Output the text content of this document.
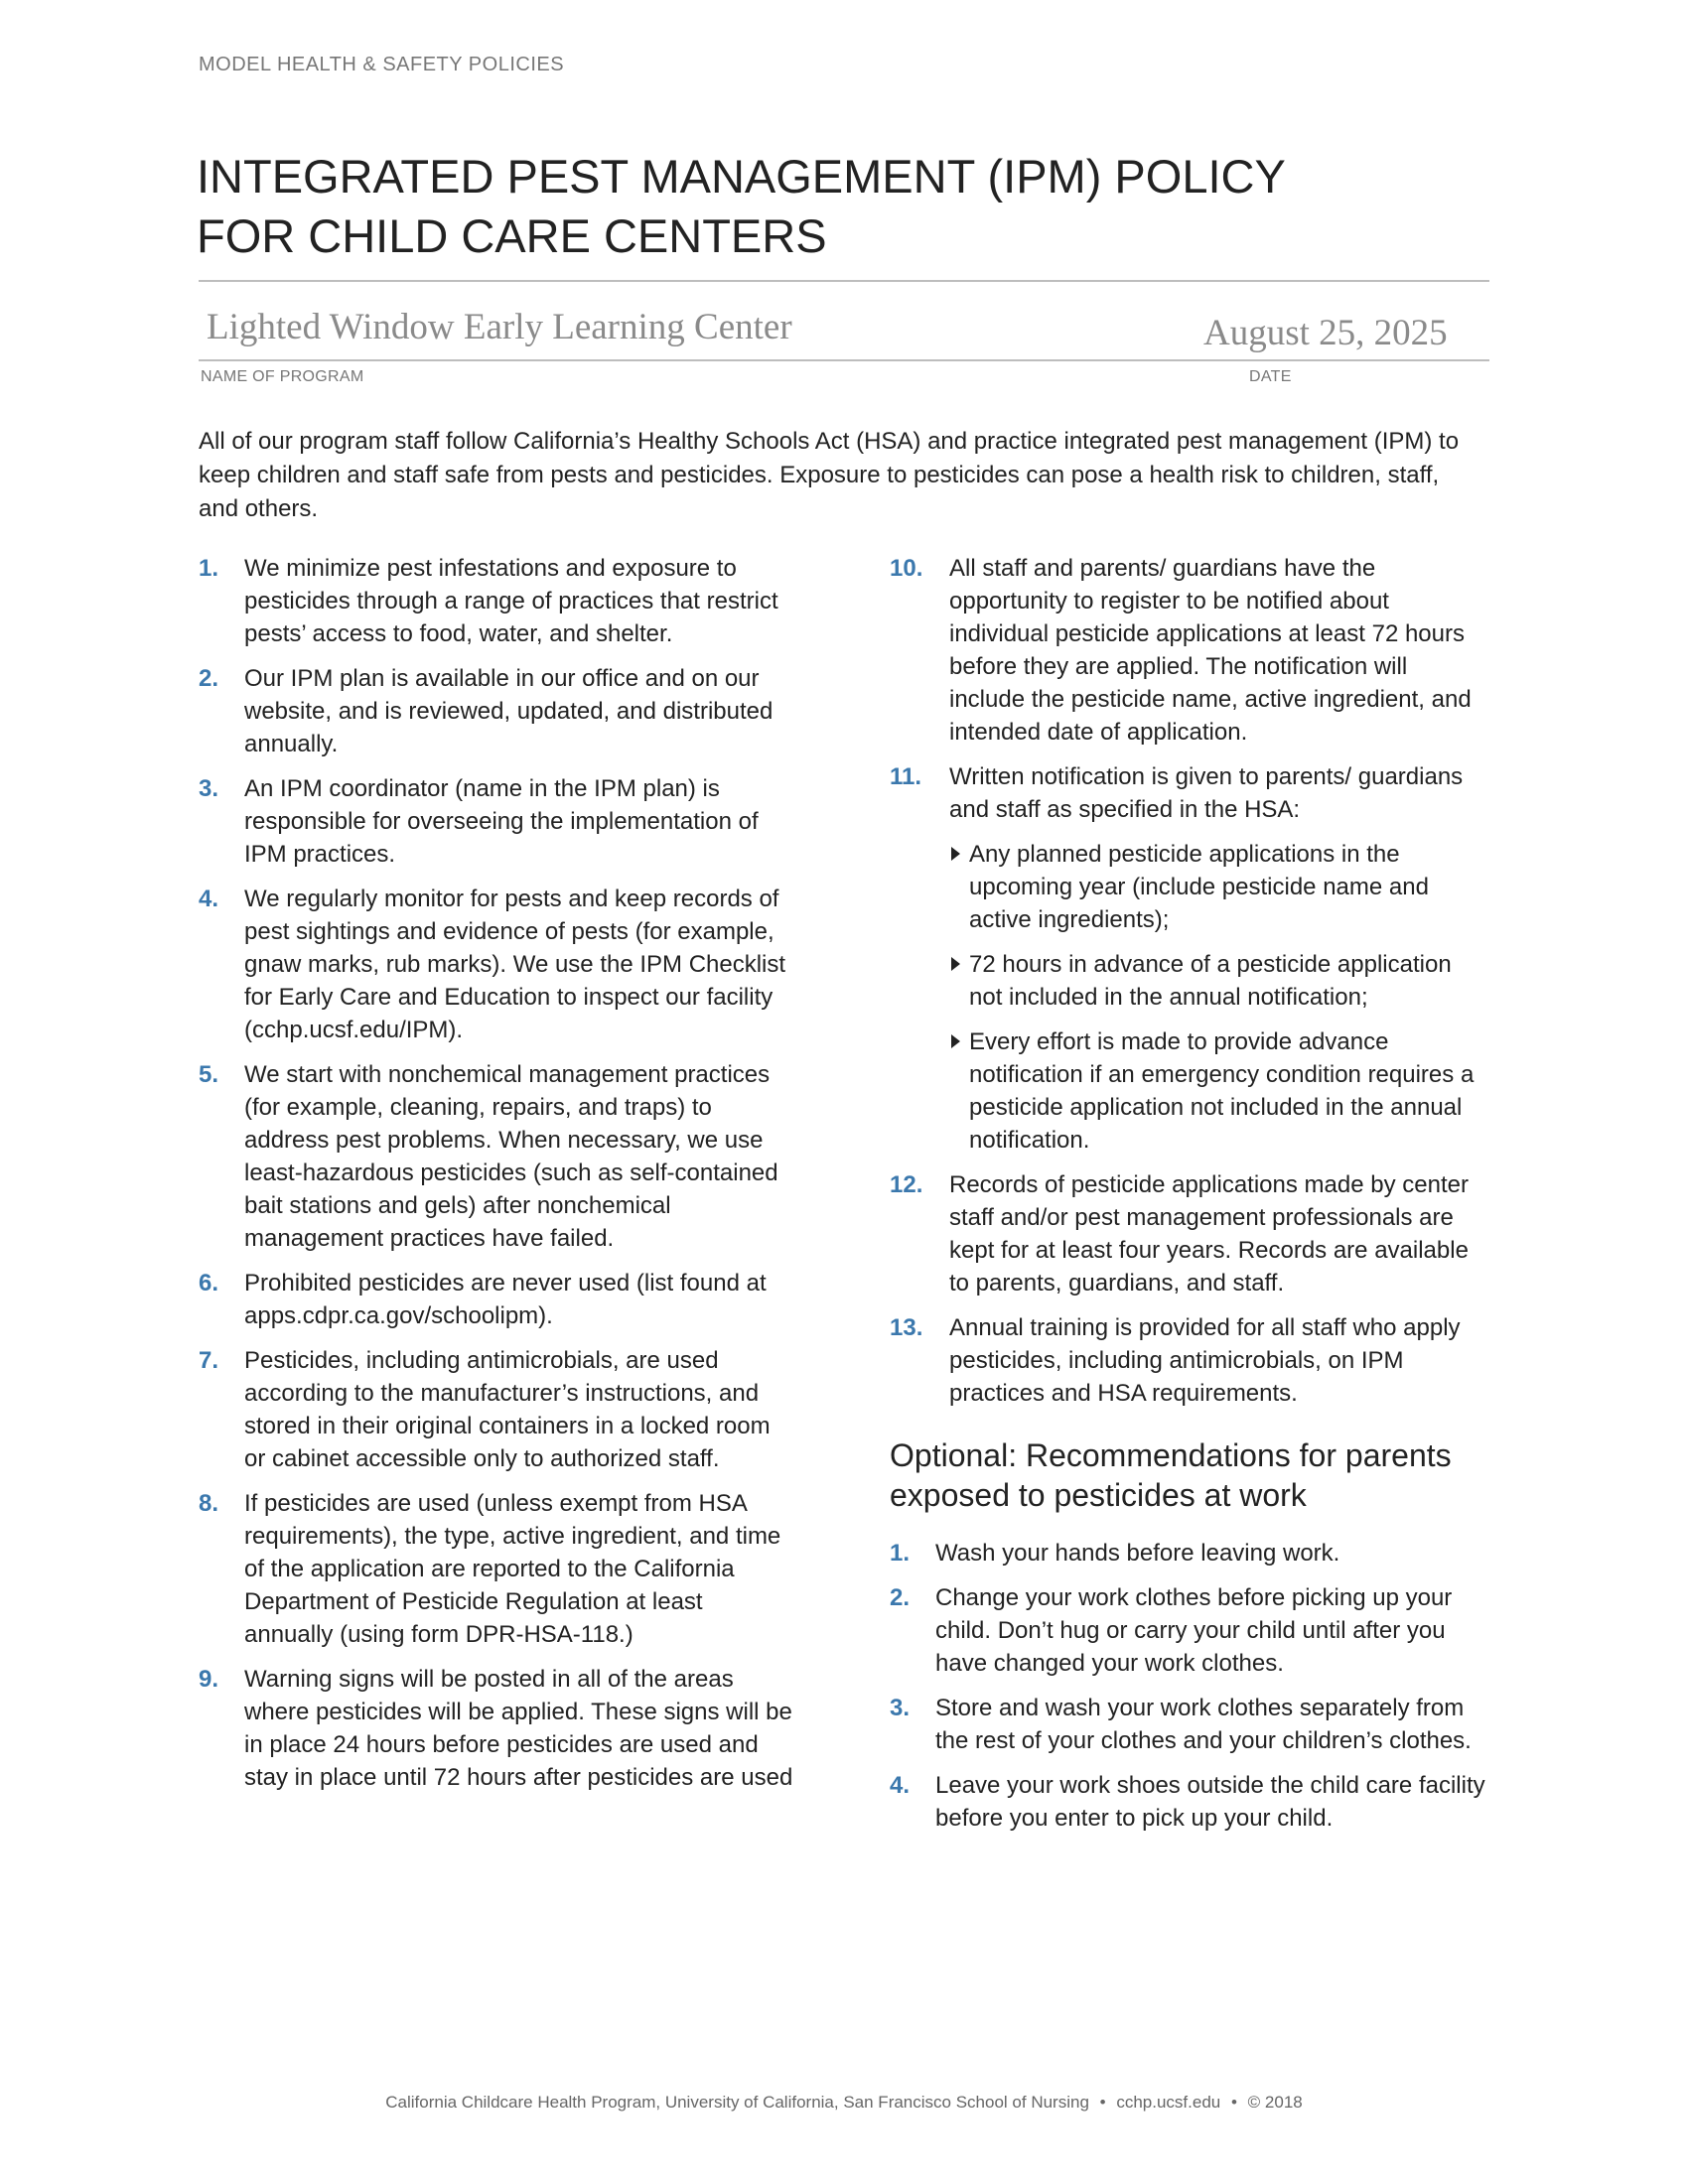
MODEL HEALTH & SAFETY POLICIES
INTEGRATED PEST MANAGEMENT (IPM) POLICY
FOR CHILD CARE CENTERS
Lighted Window Early Learning Center	August 25, 2025
NAME OF PROGRAM	DATE

All of our program staff follow California’s Healthy Schools Act (HSA) and practice integrated pest management (IPM) to keep children and staff safe from pests and pesticides. Exposure to pesticides can pose a health risk to children, staff, and others.

1. We minimize pest infestations and exposure to pesticides through a range of practices that restrict pests’ access to food, water, and shelter.
2. Our IPM plan is available in our office and on our website, and is reviewed, updated, and distributed annually.
3. An IPM coordinator (name in the IPM plan) is responsible for overseeing the implementation of IPM practices.
4. We regularly monitor for pests and keep records of pest sightings and evidence of pests (for example, gnaw marks, rub marks). We use the IPM Checklist for Early Care and Education to inspect our facility (cchp.ucsf.edu/IPM).
5. We start with nonchemical management practices (for example, cleaning, repairs, and traps) to address pest problems. When necessary, we use least-hazardous pesticides (such as self-contained bait stations and gels) after nonchemical management practices have failed.
6. Prohibited pesticides are never used (list found at apps.cdpr.ca.gov/schoolipm).
7. Pesticides, including antimicrobials, are used according to the manufacturer’s instructions, and stored in their original containers in a locked room or cabinet accessible only to authorized staff.
8. If pesticides are used (unless exempt from HSA requirements), the type, active ingredient, and time of the application are reported to the California Department of Pesticide Regulation at least annually (using form DPR-HSA-118.)
9. Warning signs will be posted in all of the areas where pesticides will be applied. These signs will be in place 24 hours before pesticides are used and stay in place until 72 hours after pesticides are used
10. All staff and parents/ guardians have the opportunity to register to be notified about individual pesticide applications at least 72 hours before they are applied. The notification will include the pesticide name, active ingredient, and intended date of application.
11. Written notification is given to parents/ guardians and staff as specified in the HSA:
Any planned pesticide applications in the upcoming year (include pesticide name and active ingredients);
72 hours in advance of a pesticide application not included in the annual notification;
Every effort is made to provide advance notification if an emergency condition requires a pesticide application not included in the annual notification.
12. Records of pesticide applications made by center staff and/or pest management professionals are kept for at least four years. Records are available to parents, guardians, and staff.
13. Annual training is provided for all staff who apply pesticides, including antimicrobials, on IPM practices and HSA requirements.
Optional: Recommendations for parents exposed to pesticides at work
1. Wash your hands before leaving work.
2. Change your work clothes before picking up your child. Don’t hug or carry your child until after you have changed your work clothes.
3. Store and wash your work clothes separately from the rest of your clothes and your children’s clothes.
4. Leave your work shoes outside the child care facility before you enter to pick up your child.
California Childcare Health Program, University of California, San Francisco School of Nursing • cchp.ucsf.edu • © 2018
